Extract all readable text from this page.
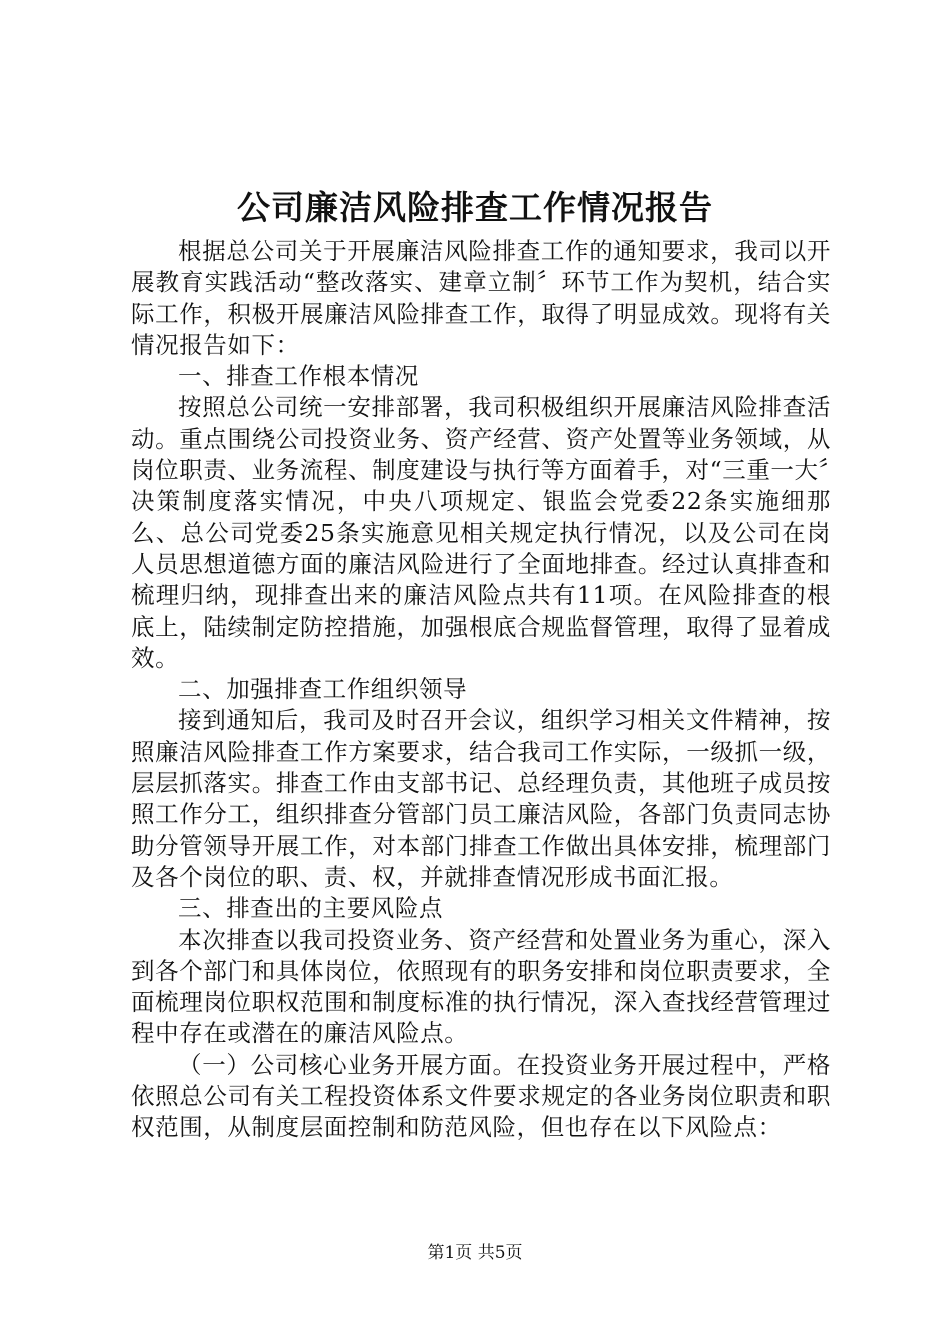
公司廉洁风险排查工作情况报告

根据总公司关于开展廉洁风险排查工作的通知要求，我司以开展教育实践活动“整改落实、建章立制〞环节工作为契机，结合实际工作，积极开展廉洁风险排查工作，取得了明显成效。现将有关情况报告如下：

一、排查工作根本情况

按照总公司统一安排部署，我司积极组织开展廉洁风险排查活动。重点围绕公司投资业务、资产经营、资产处置等业务领域，从岗位职责、业务流程、制度建设与执行等方面着手，对“三重一大〞决策制度落实情况，中央八项规定、银监会党委22条实施细那么、总公司党委25条实施意见相关规定执行情况，以及公司在岗人员思想道德方面的廉洁风险进行了全面地排查。经过认真排查和梳理归纳，现排查出来的廉洁风险点共有11项。在风险排查的根底上，陆续制定防控措施，加强根底合规监督管理，取得了显着成效。

二、加强排查工作组织领导

接到通知后，我司及时召开会议，组织学习相关文件精神，按照廉洁风险排查工作方案要求，结合我司工作实际，一级抓一级，层层抓落实。排查工作由支部书记、总经理负责，其他班子成员按照工作分工，组织排查分管部门员工廉洁风险，各部门负责同志协助分管领导开展工作，对本部门排查工作做出具体安排，梳理部门及各个岗位的职、责、权，并就排查情况形成书面汇报。

三、排查出的主要风险点

本次排查以我司投资业务、资产经营和处置业务为重心，深入到各个部门和具体岗位，依照现有的职务安排和岗位职责要求，全面梳理岗位职权范围和制度标准的执行情况，深入查找经营管理过程中存在或潜在的廉洁风险点。

（一）公司核心业务开展方面。在投资业务开展过程中，严格依照总公司有关工程投资体系文件要求规定的各业务岗位职责和职权范围，从制度层面控制和防范风险，但也存在以下风险点：

第1页 共5页
